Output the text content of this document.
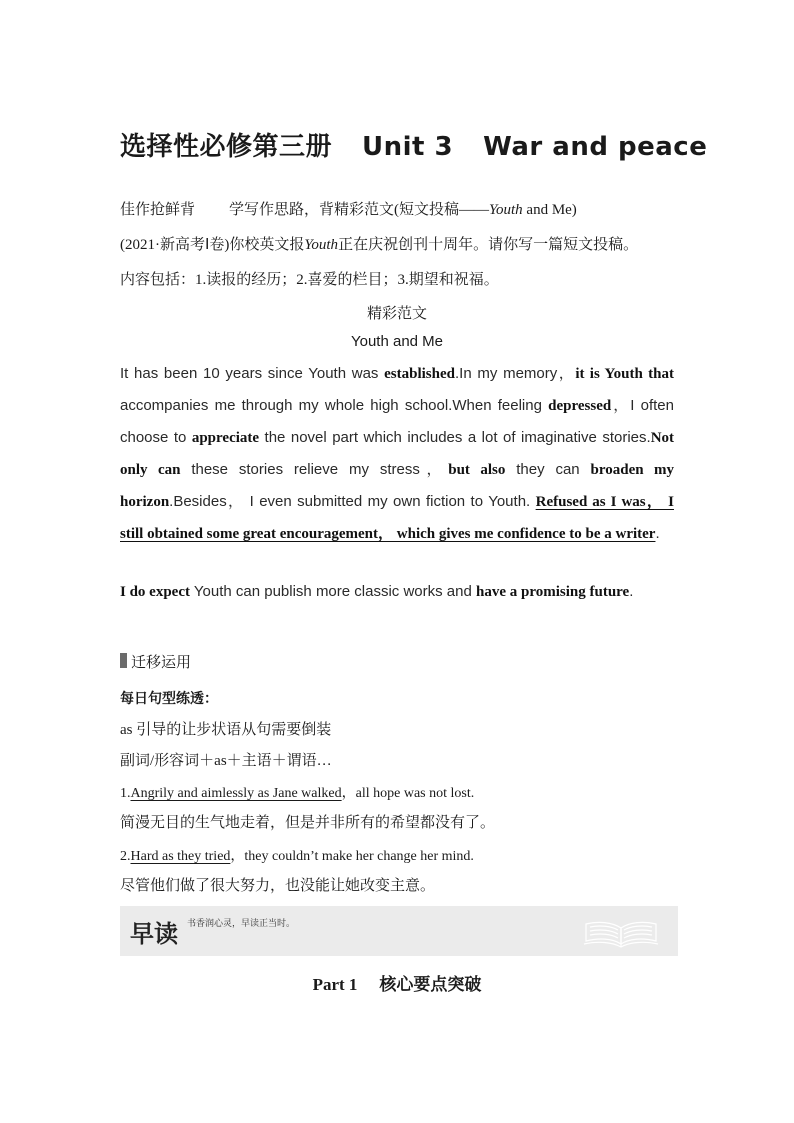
选择性必修第三册 Unit 3 War and peace
佳作抢鲜背 学写作思路，背精彩范文(短文投稿——Youth and Me)
(2021·新高考Ⅰ卷)你校英文报Youth正在庆祝创刊十周年。请你写一篇短文投稿。
内容包括：1.读报的经历；2.喜爱的栏目；3.期望和祝福。
精彩范文
Youth and Me
It has been 10 years since Youth was established.In my memory，it is Youth that accompanies me through my whole high school.When feeling depressed，I often choose to appreciate the novel part which includes a lot of imaginative stories.Not only can these stories relieve my stress，but also they can broaden my horizon.Besides， I even submitted my own fiction to Youth. Refused as I was， I still obtained some great encouragement， which gives me confidence to be a writer.
I do expect Youth can publish more classic works and have a promising future.
迁移运用
每日句型练透：
as 引导的让步状语从句需要倒装
副词/形容词＋as＋主语＋谓语…
1.Angrily and aimlessly as Jane walked，all hope was not lost.
简漫无目的生气地走着，但是并非所有的希望都没有了。
2.Hard as they tried，they couldn’t make her change her mind.
尽管他们做了很大努力，也没能让她改变主意。
早读 书香润心灵，早读正当时。
Part 1 核心要点突破
